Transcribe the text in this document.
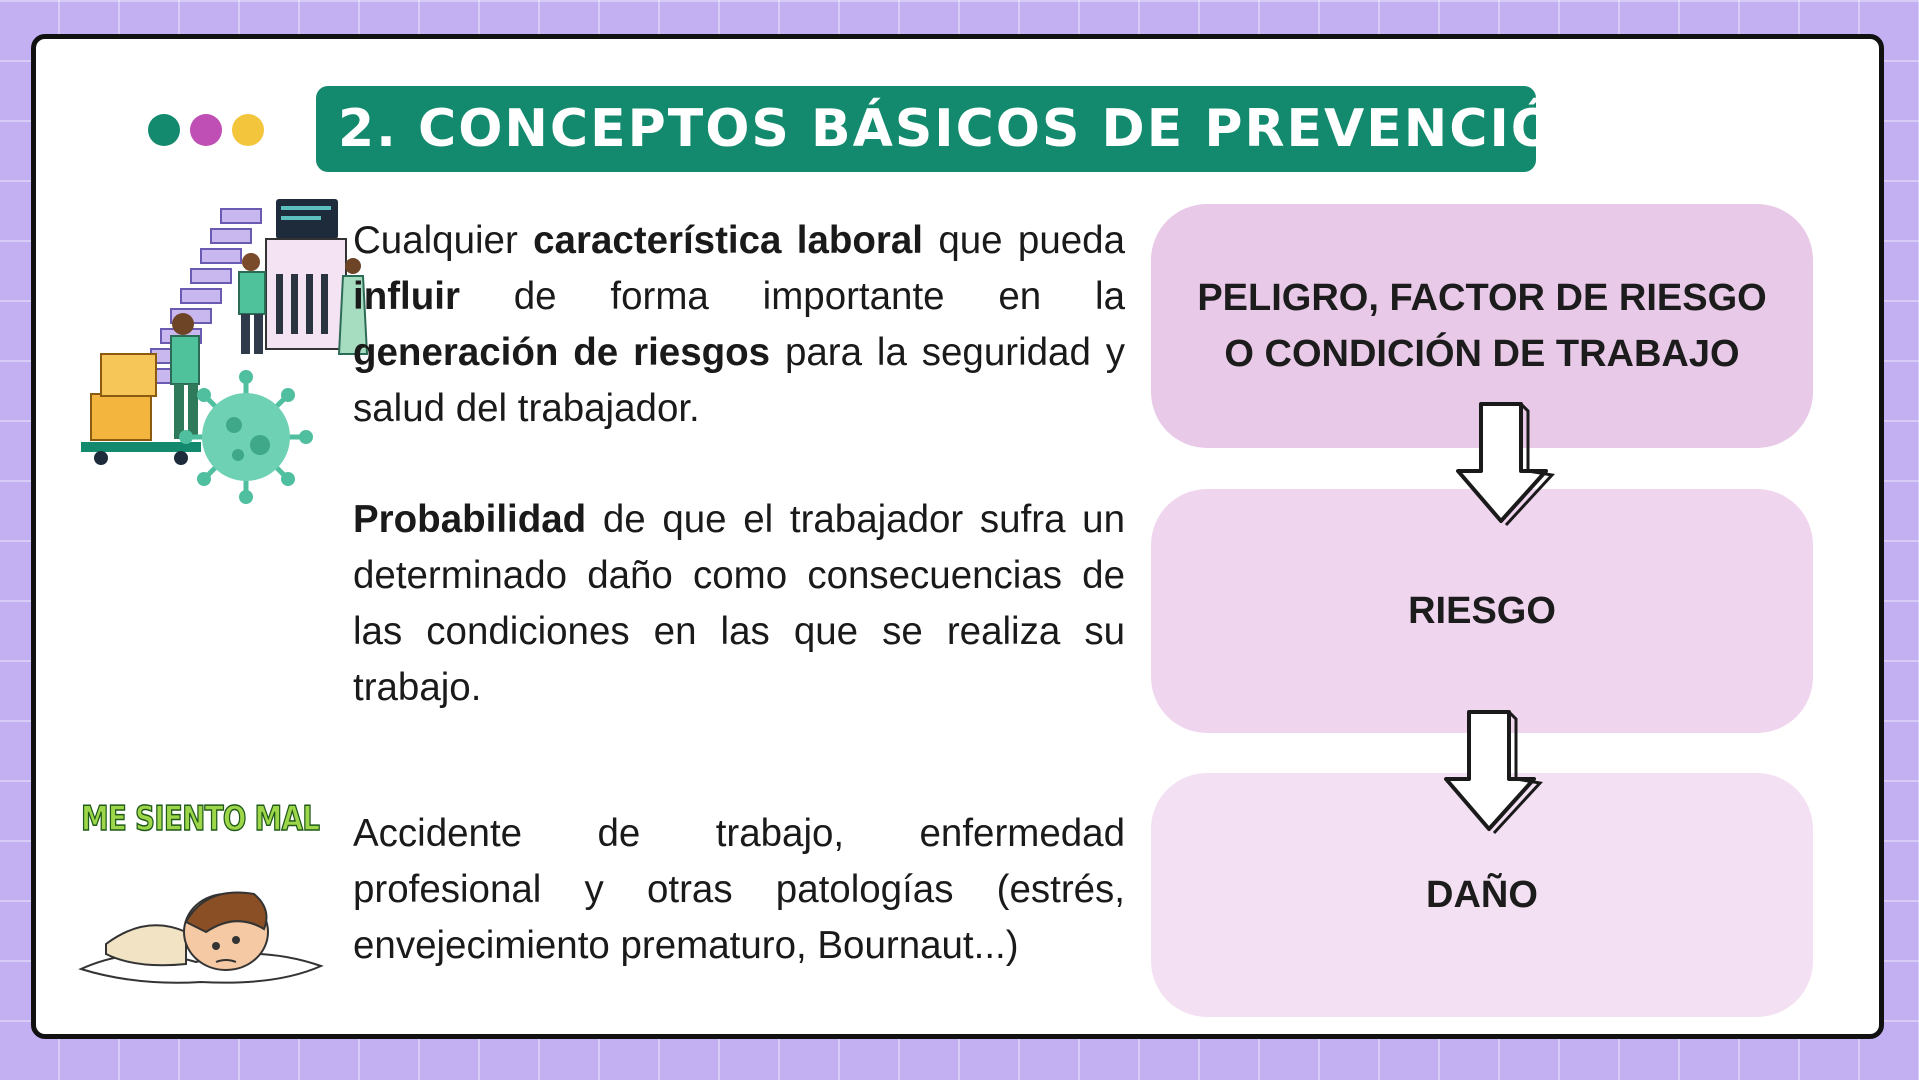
2. CONCEPTOS BÁSICOS DE PREVENCIÓN

Cualquier característica laboral que pueda influir de forma importante en la generación de riesgos para la seguridad y salud del trabajador.

Probabilidad de que el trabajador sufra un determinado daño como consecuencias de las condiciones en las que se realiza su trabajo.

Accidente de trabajo, enfermedad profesional y otras patologías (estrés, envejecimiento prematuro, Bournaut...)

ME SIENTO MAL
PELIGRO, FACTOR DE RIESGO O CONDICIÓN DE TRABAJO
RIESGO
DAÑO
